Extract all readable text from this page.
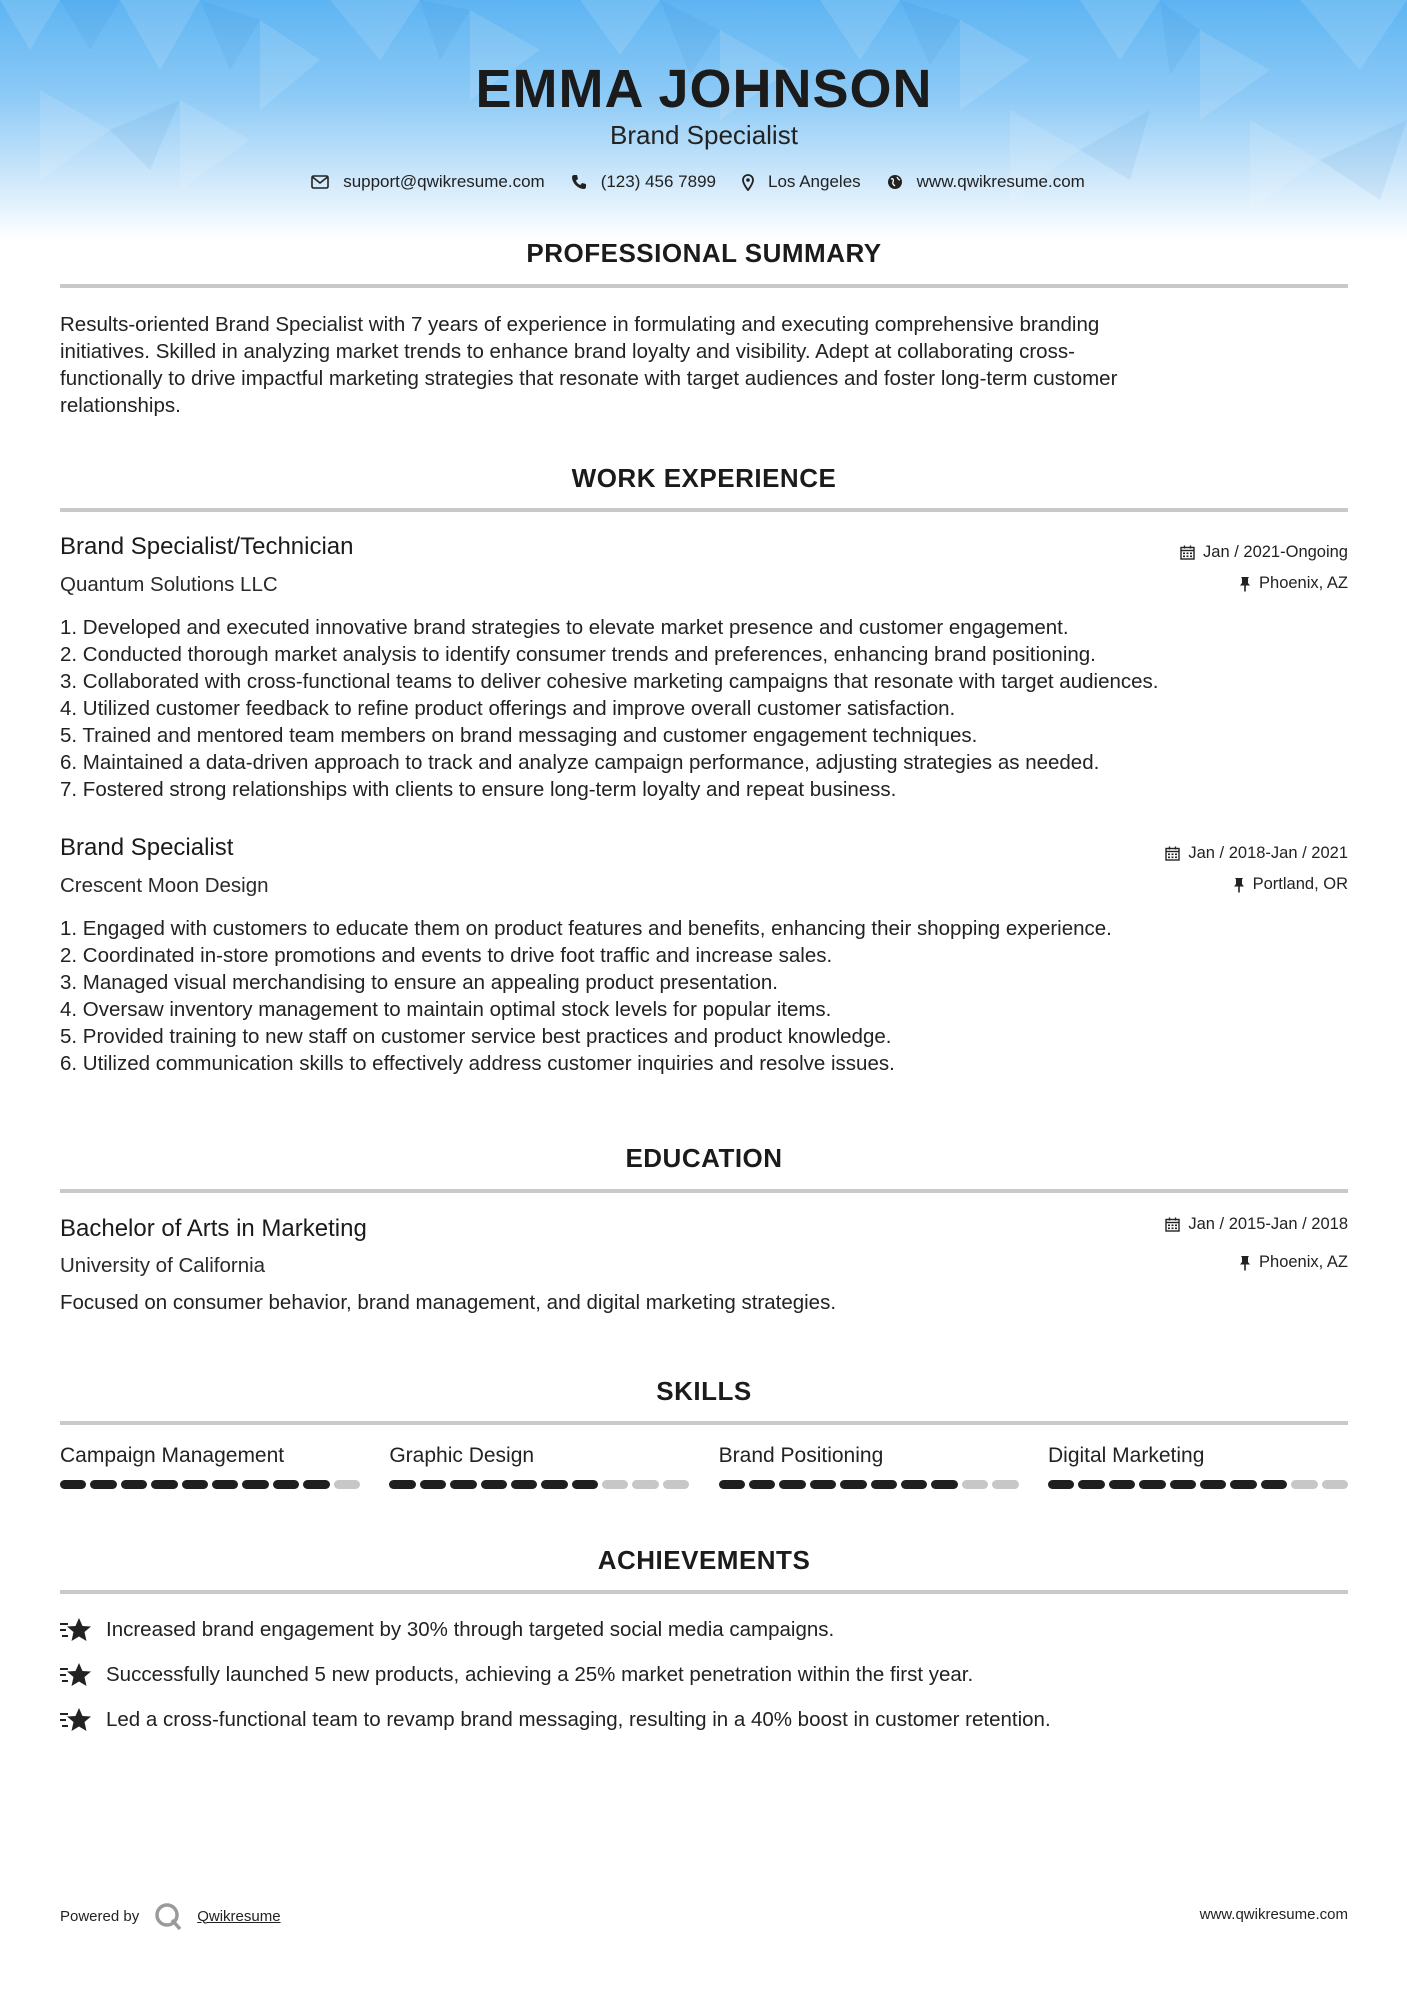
EMMA JOHNSON
Brand Specialist
support@qwikresume.com	(123) 456 7899	Los Angeles	www.qwikresume.com
PROFESSIONAL SUMMARY
Results-oriented Brand Specialist with 7 years of experience in formulating and executing comprehensive branding
initiatives. Skilled in analyzing market trends to enhance brand loyalty and visibility. Adept at collaborating cross-
functionally to drive impactful marketing strategies that resonate with target audiences and foster long-term customer
relationships.
WORK EXPERIENCE
Brand Specialist/Technician
Quantum Solutions LLC
Jan / 2021-Ongoing
Phoenix, AZ
1. Developed and executed innovative brand strategies to elevate market presence and customer engagement.
2. Conducted thorough market analysis to identify consumer trends and preferences, enhancing brand positioning.
3. Collaborated with cross-functional teams to deliver cohesive marketing campaigns that resonate with target audiences.
4. Utilized customer feedback to refine product offerings and improve overall customer satisfaction.
5. Trained and mentored team members on brand messaging and customer engagement techniques.
6. Maintained a data-driven approach to track and analyze campaign performance, adjusting strategies as needed.
7. Fostered strong relationships with clients to ensure long-term loyalty and repeat business.
Brand Specialist
Crescent Moon Design
Jan / 2018-Jan / 2021
Portland, OR
1. Engaged with customers to educate them on product features and benefits, enhancing their shopping experience.
2. Coordinated in-store promotions and events to drive foot traffic and increase sales.
3. Managed visual merchandising to ensure an appealing product presentation.
4. Oversaw inventory management to maintain optimal stock levels for popular items.
5. Provided training to new staff on customer service best practices and product knowledge.
6. Utilized communication skills to effectively address customer inquiries and resolve issues.
EDUCATION
Bachelor of Arts in Marketing
University of California
Jan / 2015-Jan / 2018
Phoenix, AZ
Focused on consumer behavior, brand management, and digital marketing strategies.
SKILLS
Campaign Management	Graphic Design	Brand Positioning	Digital Marketing
ACHIEVEMENTS
Increased brand engagement by 30% through targeted social media campaigns.
Successfully launched 5 new products, achieving a 25% market penetration within the first year.
Led a cross-functional team to revamp brand messaging, resulting in a 40% boost in customer retention.
Powered by	Qwikresume	www.qwikresume.com
